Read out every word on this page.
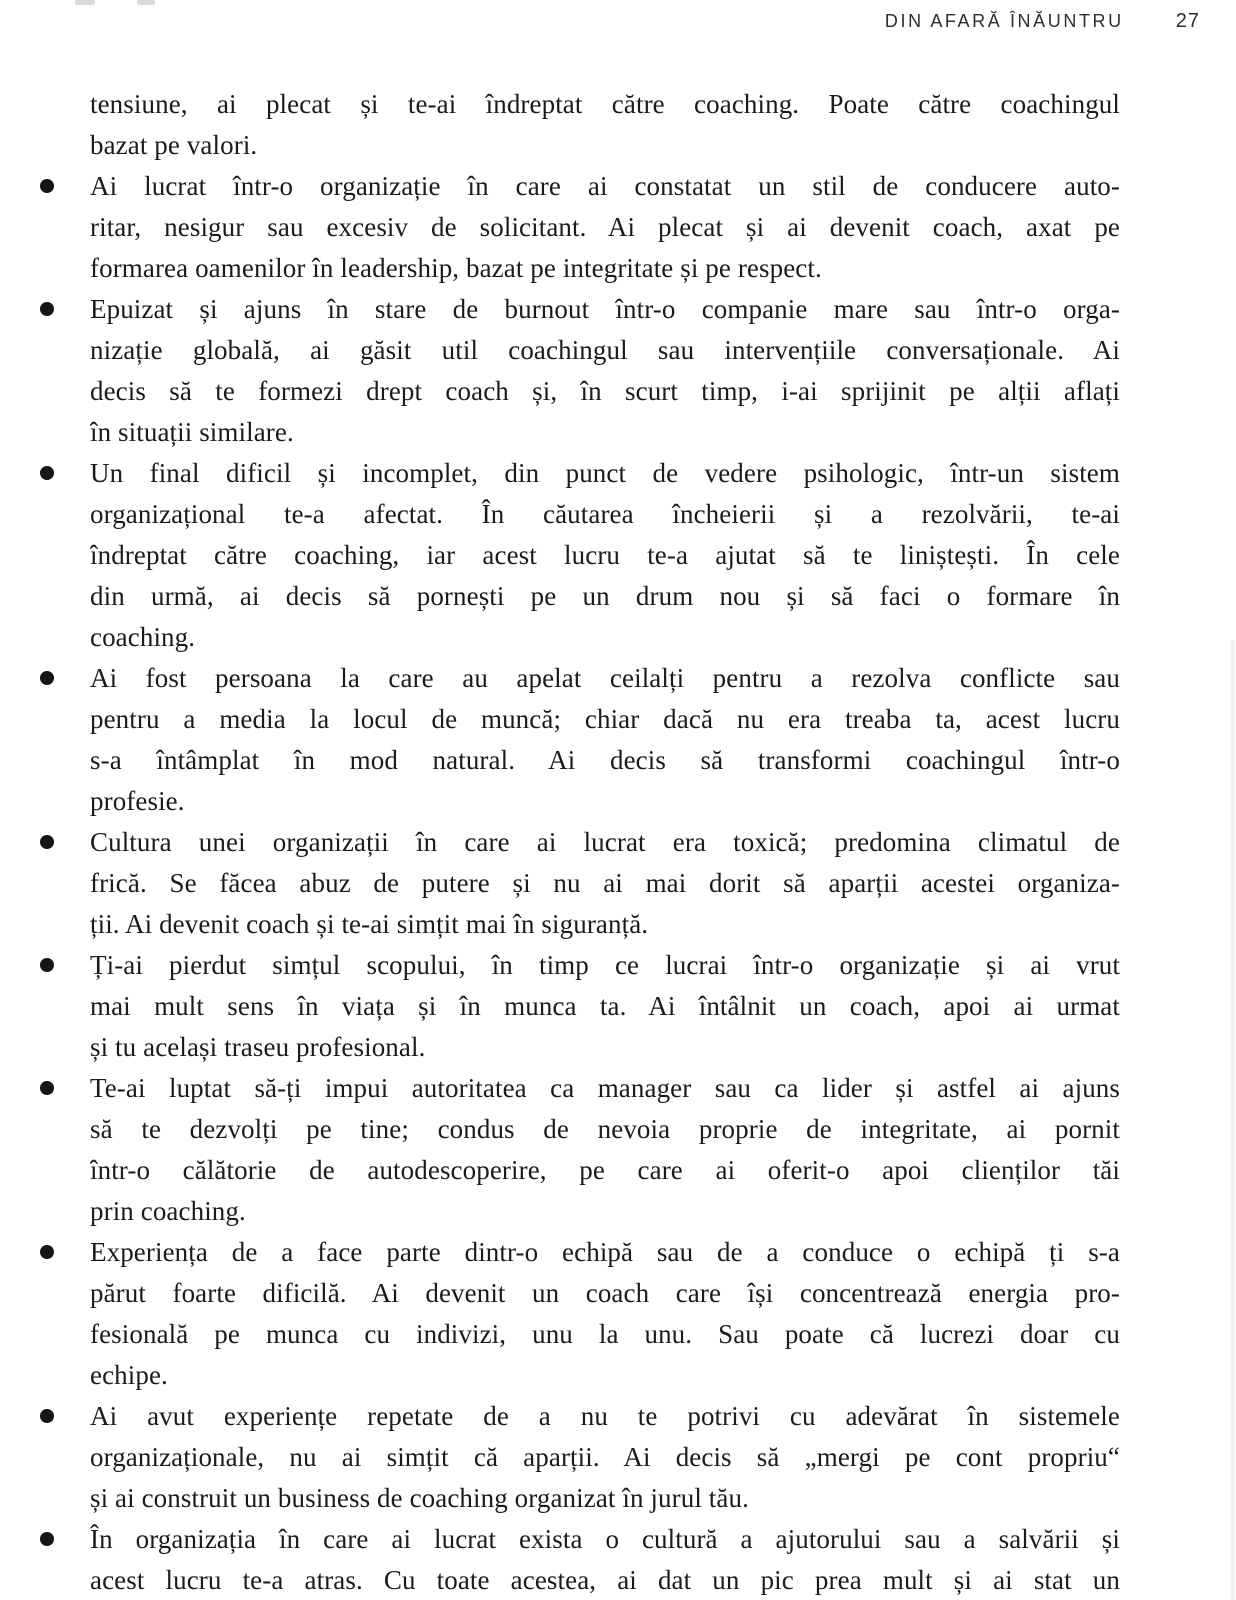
DIN AFARĂ ÎNĂUNTRU	27
tensiune, ai plecat și te-ai îndreptat către coaching. Poate către coachingul
bazat pe valori.
Ai lucrat într-o organizație în care ai constatat un stil de conducere auto-
ritar, nesigur sau excesiv de solicitant. Ai plecat și ai devenit coach, axat pe
formarea oamenilor în leadership, bazat pe integritate și pe respect.
Epuizat și ajuns în stare de burnout într-o companie mare sau într-o orga-
nizație globală, ai găsit util coachingul sau intervențiile conversaționale. Ai
decis să te formezi drept coach și, în scurt timp, i-ai sprijinit pe alții aflați
în situații similare.
Un final dificil și incomplet, din punct de vedere psihologic, într-un sistem
organizațional te-a afectat. În căutarea încheierii și a rezolvării, te-ai
îndreptat către coaching, iar acest lucru te-a ajutat să te liniștești. În cele
din urmă, ai decis să pornești pe un drum nou și să faci o formare în
coaching.
Ai fost persoana la care au apelat ceilalți pentru a rezolva conflicte sau
pentru a media la locul de muncă; chiar dacă nu era treaba ta, acest lucru
s-a întâmplat în mod natural. Ai decis să transformi coachingul într-o
profesie.
Cultura unei organizații în care ai lucrat era toxică; predomina climatul de
frică. Se făcea abuz de putere și nu ai mai dorit să aparții acestei organiza-
ții. Ai devenit coach și te-ai simțit mai în siguranță.
Ți-ai pierdut simțul scopului, în timp ce lucrai într-o organizație și ai vrut
mai mult sens în viața și în munca ta. Ai întâlnit un coach, apoi ai urmat
și tu același traseu profesional.
Te-ai luptat să-ți impui autoritatea ca manager sau ca lider și astfel ai ajuns
să te dezvolți pe tine; condus de nevoia proprie de integritate, ai pornit
într-o călătorie de autodescoperire, pe care ai oferit-o apoi clienților tăi
prin coaching.
Experiența de a face parte dintr-o echipă sau de a conduce o echipă ți s-a
părut foarte dificilă. Ai devenit un coach care își concentrează energia pro-
fesională pe munca cu indivizi, unu la unu. Sau poate că lucrezi doar cu
echipe.
Ai avut experiențe repetate de a nu te potrivi cu adevărat în sistemele
organizaționale, nu ai simțit că aparții. Ai decis să „mergi pe cont propriu“
și ai construit un business de coaching organizat în jurul tău.
În organizația în care ai lucrat exista o cultură a ajutorului sau a salvării și
acest lucru te-a atras. Cu toate acestea, ai dat un pic prea mult și ai stat un
